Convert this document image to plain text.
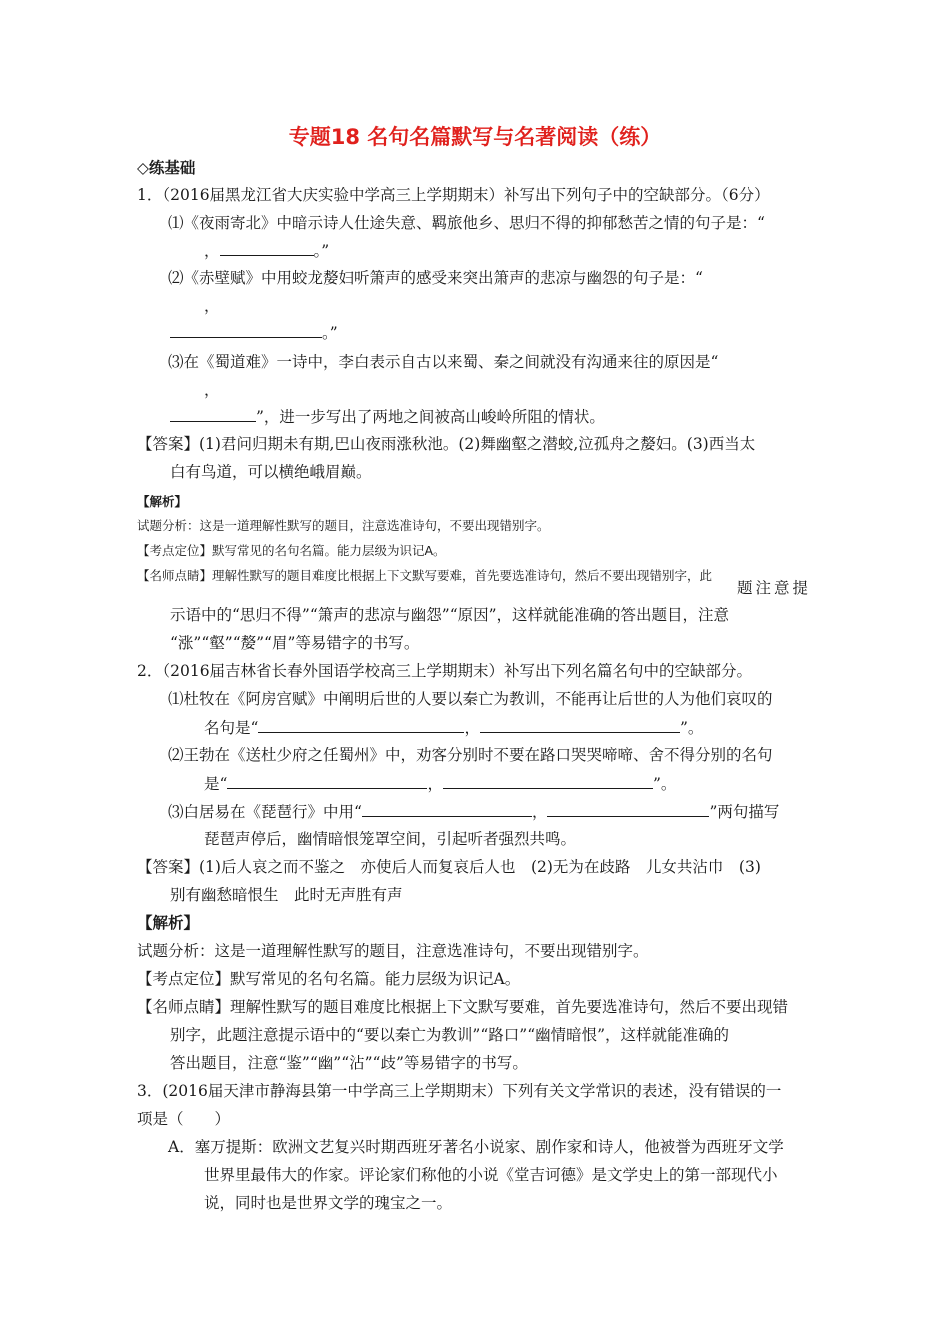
专题18 名句名篇默写与名著阅读（练）
◇练基础
1．（2016届黑龙江省大庆实验中学高三上学期期末）补写出下列句子中的空缺部分。（6分）
⑴《夜雨寄北》中暗示诗人仕途失意、羁旅他乡、思归不得的抑郁愁苦之情的句子是：“
，	。”
⑵《赤壁赋》中用蛟龙嫠妇听箫声的感受来突出箫声的悲凉与幽怨的句子是：“
，
。”
⑶在《蜀道难》一诗中，李白表示自古以来蜀、秦之间就没有沟通来往的原因是“
，
”，进一步写出了两地之间被高山峻岭所阻的情状。
【答案】(1)君问归期未有期,巴山夜雨涨秋池。(2)舞幽壑之潜蛟,泣孤舟之嫠妇。(3)西当太
白有鸟道，可以横绝峨眉巅。
【解析】
试题分析：这是一道理解性默写的题目，注意选准诗句，不要出现错别字。
【考点定位】默写常见的名句名篇。能力层级为识记A。
【名师点睛】理解性默写的题目难度比根据上下文默写要难，首先要选准诗句，然后不要出现错别字，此
题注意提
示语中的“思归不得”“箫声的悲凉与幽怨”“原因”，这样就能准确的答出题目，注意
“涨”“壑”“嫠”“眉”等易错字的书写。
2．（2016届吉林省长春外国语学校高三上学期期末）补写出下列名篇名句中的空缺部分。
⑴杜牧在《阿房宫赋》中阐明后世的人要以秦亡为教训，不能再让后世的人为他们哀叹的
名句是“	，	”。
⑵王勃在《送杜少府之任蜀州》中，劝客分别时不要在路口哭哭啼啼、舍不得分别的名句
是“	，	”。
⑶白居易在《琵琶行》中用“	，	”两句描写
琵琶声停后，幽情暗恨笼罩空间，引起听者强烈共鸣。
【答案】(1)后人哀之而不鉴之　亦使后人而复哀后人也　(2)无为在歧路　儿女共沾巾　(3)
别有幽愁暗恨生　此时无声胜有声
【解析】
试题分析：这是一道理解性默写的题目，注意选准诗句，不要出现错别字。
【考点定位】默写常见的名句名篇。能力层级为识记A。
【名师点睛】理解性默写的题目难度比根据上下文默写要难，首先要选准诗句，然后不要出现错
别字，此题注意提示语中的“要以秦亡为教训”“路口”“幽情暗恨”，这样就能准确的
答出题目，注意“鉴”“幽”“沾”“歧”等易错字的书写。
3．(2016届天津市静海县第一中学高三上学期期末）下列有关文学常识的表述，没有错误的一
项是（　　）
A．塞万提斯：欧洲文艺复兴时期西班牙著名小说家、剧作家和诗人，他被誉为西班牙文学
世界里最伟大的作家。评论家们称他的小说《堂吉诃德》是文学史上的第一部现代小
说，同时也是世界文学的瑰宝之一。
